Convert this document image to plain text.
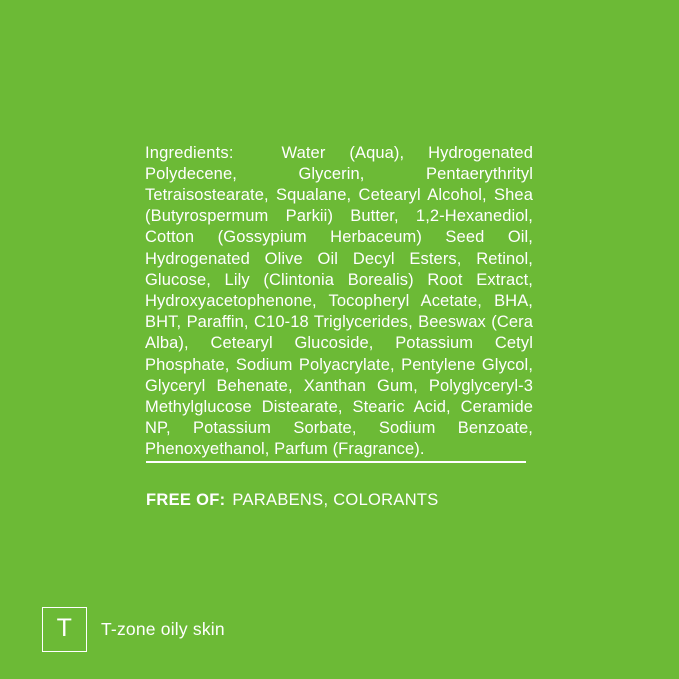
Ingredients:	Water (Aqua), Hydrogenated Polydecene, Glycerin, Pentaerythrityl Tetraisostearate, Squalane, Cetearyl Alcohol, Shea (Butyrospermum Parkii) Butter, 1,2-Hexanediol, Cotton (Gossypium Herbaceum) Seed Oil, Hydrogenated Olive Oil Decyl Esters, Retinol, Glucose, Lily (Clintonia Borealis) Root Extract, Hydroxyacetophenone, Tocopheryl Acetate, BHA, BHT, Paraffin, C10-18 Triglycerides, Beeswax (Cera Alba), Cetearyl Glucoside, Potassium Cetyl Phosphate, Sodium Polyacrylate, Pentylene Glycol, Glyceryl Behenate, Xanthan Gum, Polyglyceryl-3 Methylglucose Distearate, Stearic Acid, Ceramide NP, Potassium Sorbate, Sodium Benzoate, Phenoxyethanol, Parfum (Fragrance).

FREE OF: PARABENS, COLORANTS
T T-zone oily skin
